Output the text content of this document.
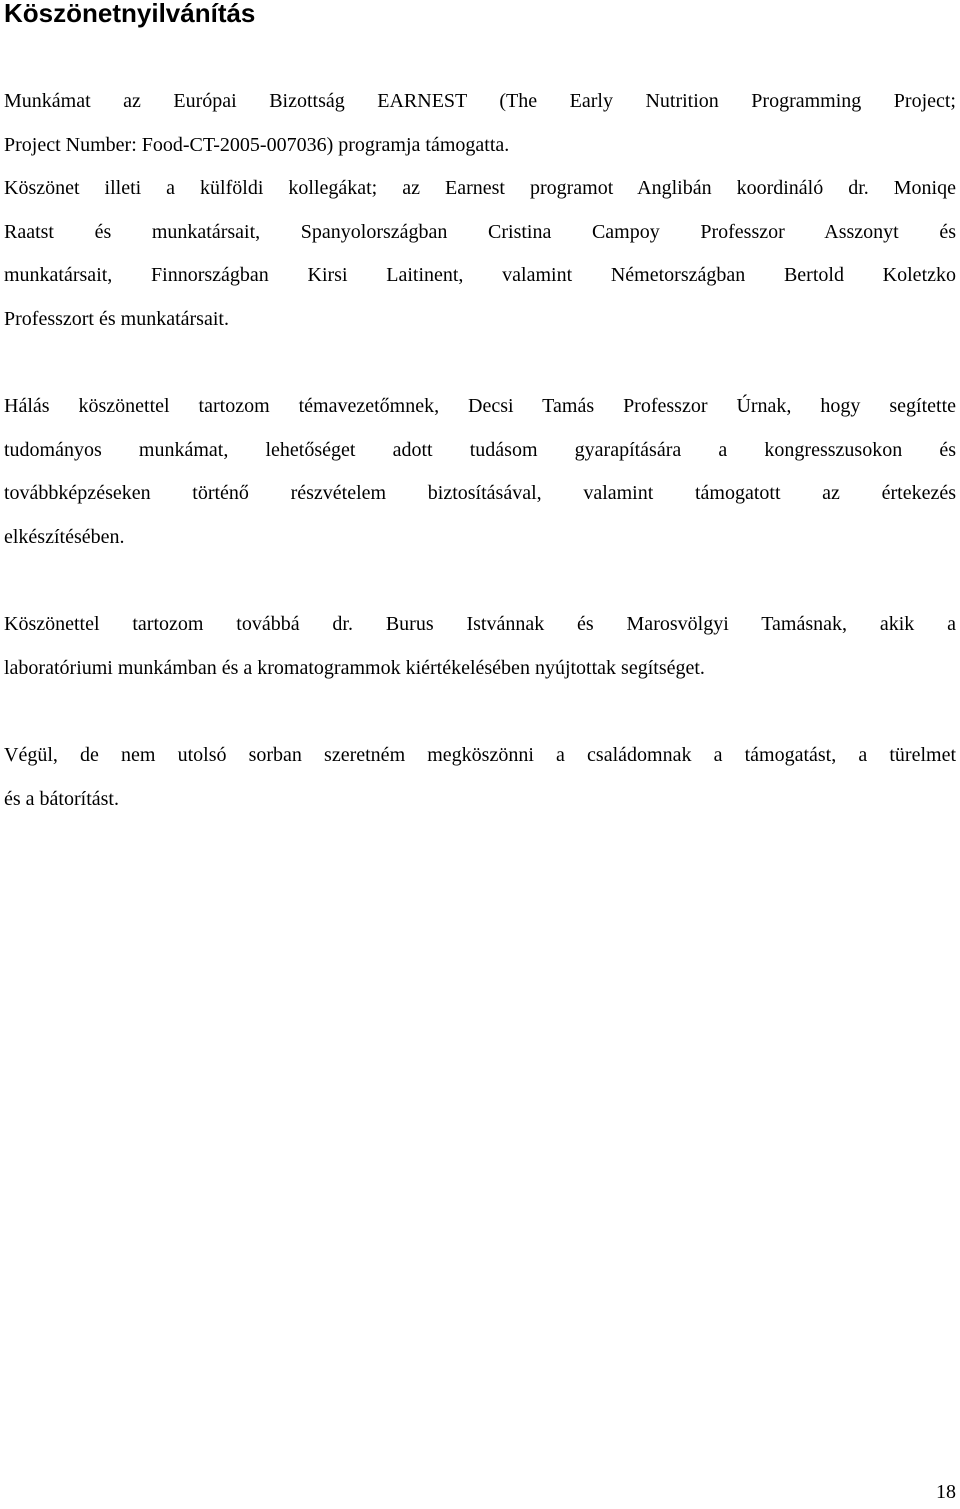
Köszönetnyilvánítás

Munkámat az Európai Bizottság EARNEST (The Early Nutrition Programming Project;
Project Number: Food-CT-2005-007036) programja támogatta.

Köszönet illeti a külföldi kollegákat; az Earnest programot Anglibán koordináló dr. Moniqe
Raatst és munkatársait, Spanyolországban Cristina Campoy Professzor Asszonyt és
munkatársait, Finnországban Kirsi Laitinent, valamint Németországban Bertold Koletzko
Professzort és munkatársait.

Hálás köszönettel tartozom témavezetőmnek, Decsi Tamás Professzor Úrnak, hogy segítette
tudományos munkámat, lehetőséget adott tudásom gyarapítására a kongresszusokon és
továbbképzéseken történő részvételem biztosításával, valamint támogatott az értekezés
elkészítésében.

Köszönettel tartozom továbbá dr. Burus Istvánnak és Marosvölgyi Tamásnak, akik a
laboratóriumi munkámban és a kromatogrammok kiértékelésében nyújtottak segítséget.

Végül, de nem utolsó sorban szeretném megköszönni a családomnak a támogatást, a türelmet
és a bátorítást.

18
